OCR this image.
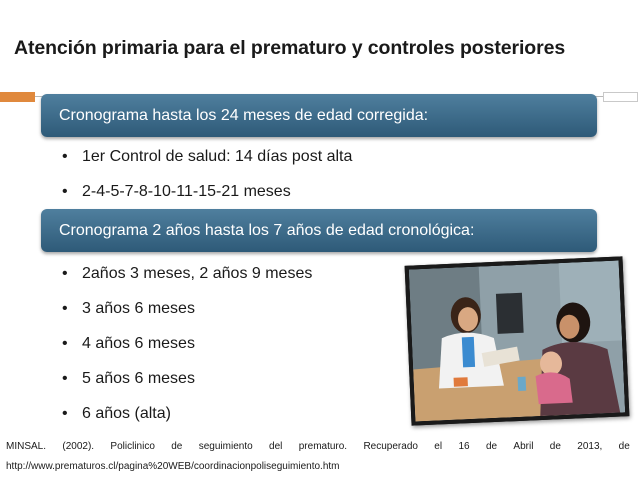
Atención primaria para el prematuro y controles posteriores
Cronograma hasta los 24 meses de edad corregida:
• 1er Control de salud: 14 días post alta
• 2-4-5-7-8-10-11-15-21 meses
Cronograma 2 años hasta los 7 años de edad cronológica:
• 2años 3 meses, 2 años 9 meses
• 3 años 6 meses
• 4 años 6 meses
• 5 años 6 meses
• 6 años (alta)
MINSAL. (2002). Policlinico de seguimiento del prematuro. Recuperado el 16 de Abril de 2013, de
http://www.prematuros.cl/pagina%20WEB/coordinacionpoliseguimiento.htm
